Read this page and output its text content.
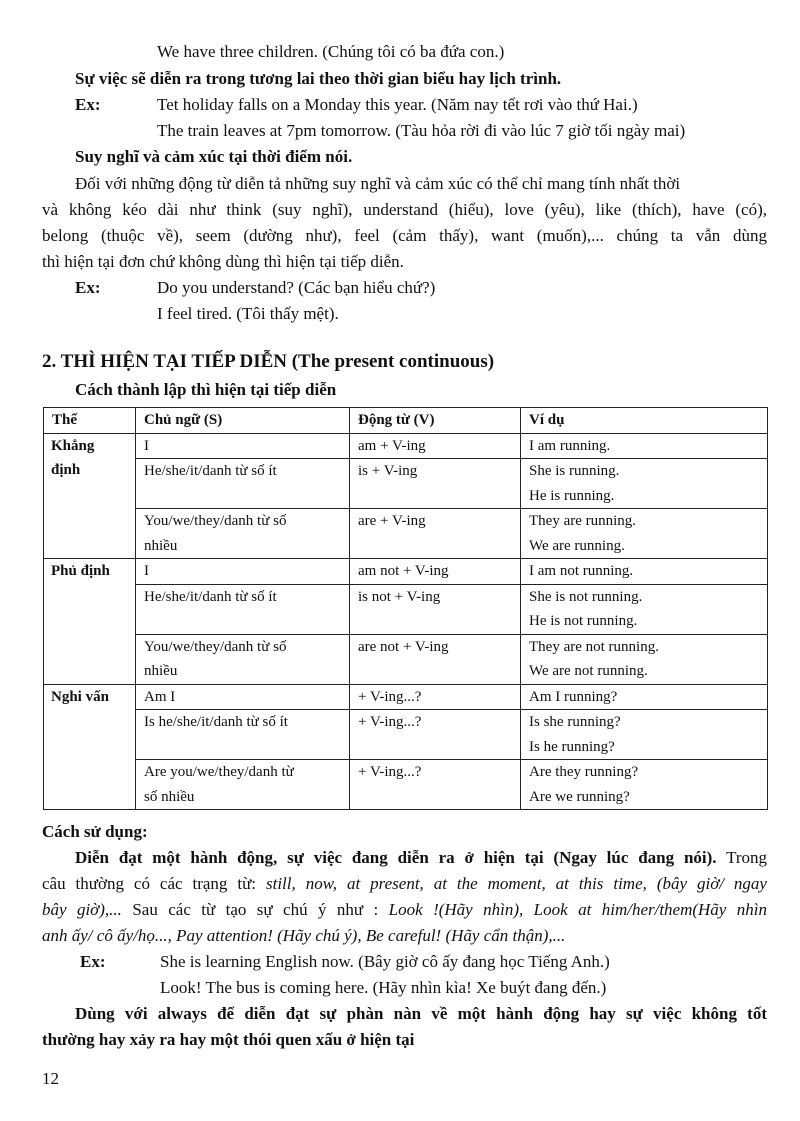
We have three children. (Chúng tôi có ba đứa con.)
Sự việc sẽ diễn ra trong tương lai theo thời gian biểu hay lịch trình.
Ex:	Tet holiday falls on a Monday this year. (Năm nay tết rơi vào thứ Hai.)
The train leaves at 7pm tomorrow. (Tàu hỏa rời đi vào lúc 7 giờ tối ngày mai)
Suy nghĩ và cảm xúc tại thời điểm nói.
Đối với những động từ diễn tả những suy nghĩ và cảm xúc có thể chỉ mang tính nhất thời
và không kéo dài như think (suy nghĩ), understand (hiểu), love (yêu), like (thích), have (có),
belong (thuộc về), seem (dường như), feel (cảm thấy), want (muốn),... chúng ta vẫn dùng
thì hiện tại đơn chứ không dùng thì hiện tại tiếp diễn.
Ex:	Do you understand? (Các bạn hiểu chứ?)
I feel tired. (Tôi thấy mệt).
2. THÌ HIỆN TẠI TIẾP DIỄN (The present continuous)
Cách thành lập thì hiện tại tiếp diễn
Thể	Chủ ngữ (S)	Động từ (V)	Ví dụ

Khẳng
định	I	am + V-ing	I am running.

	He/she/it/danh từ số ít	is + V-ing	She is running.
He is running.

	You/we/they/danh từ số
nhiều	are + V-ing	They are running.
We are running.

Phủ định	I	am not + V-ing	I am not running.

	He/she/it/danh từ số ít	is not + V-ing	She is not running.
He is not running.

	You/we/they/danh từ số
nhiều	are not + V-ing	They are not running.
We are not running.

Nghi vấn	Am I	+ V-ing...?	Am I running?

	Is he/she/it/danh từ số ít	+ V-ing...?	Is she running?
Is he running?

	Are you/we/they/danh từ
số nhiều	+ V-ing...?	Are they running?
Are we running?
Cách sử dụng:
Diễn đạt một hành động, sự việc đang diễn ra ở hiện tại (Ngay lúc đang nói). Trong
câu thường có các trạng từ: still, now, at present, at the moment, at this time, (bây giờ/ ngay
bây giờ),... Sau các từ tạo sự chú ý như : Look !(Hãy nhìn), Look at him/her/them(Hãy nhìn
anh ấy/ cô ấy/họ..., Pay attention! (Hãy chú ý), Be careful! (Hãy cẩn thận),...
Ex:	She is learning English now. (Bây giờ cô ấy đang học Tiếng Anh.)
Look! The bus is coming here. (Hãy nhìn kìa! Xe buýt đang đến.)
Dùng với always để diễn đạt sự phàn nàn về một hành động hay sự việc không tốt
thường hay xảy ra hay một thói quen xấu ở hiện tại
12
